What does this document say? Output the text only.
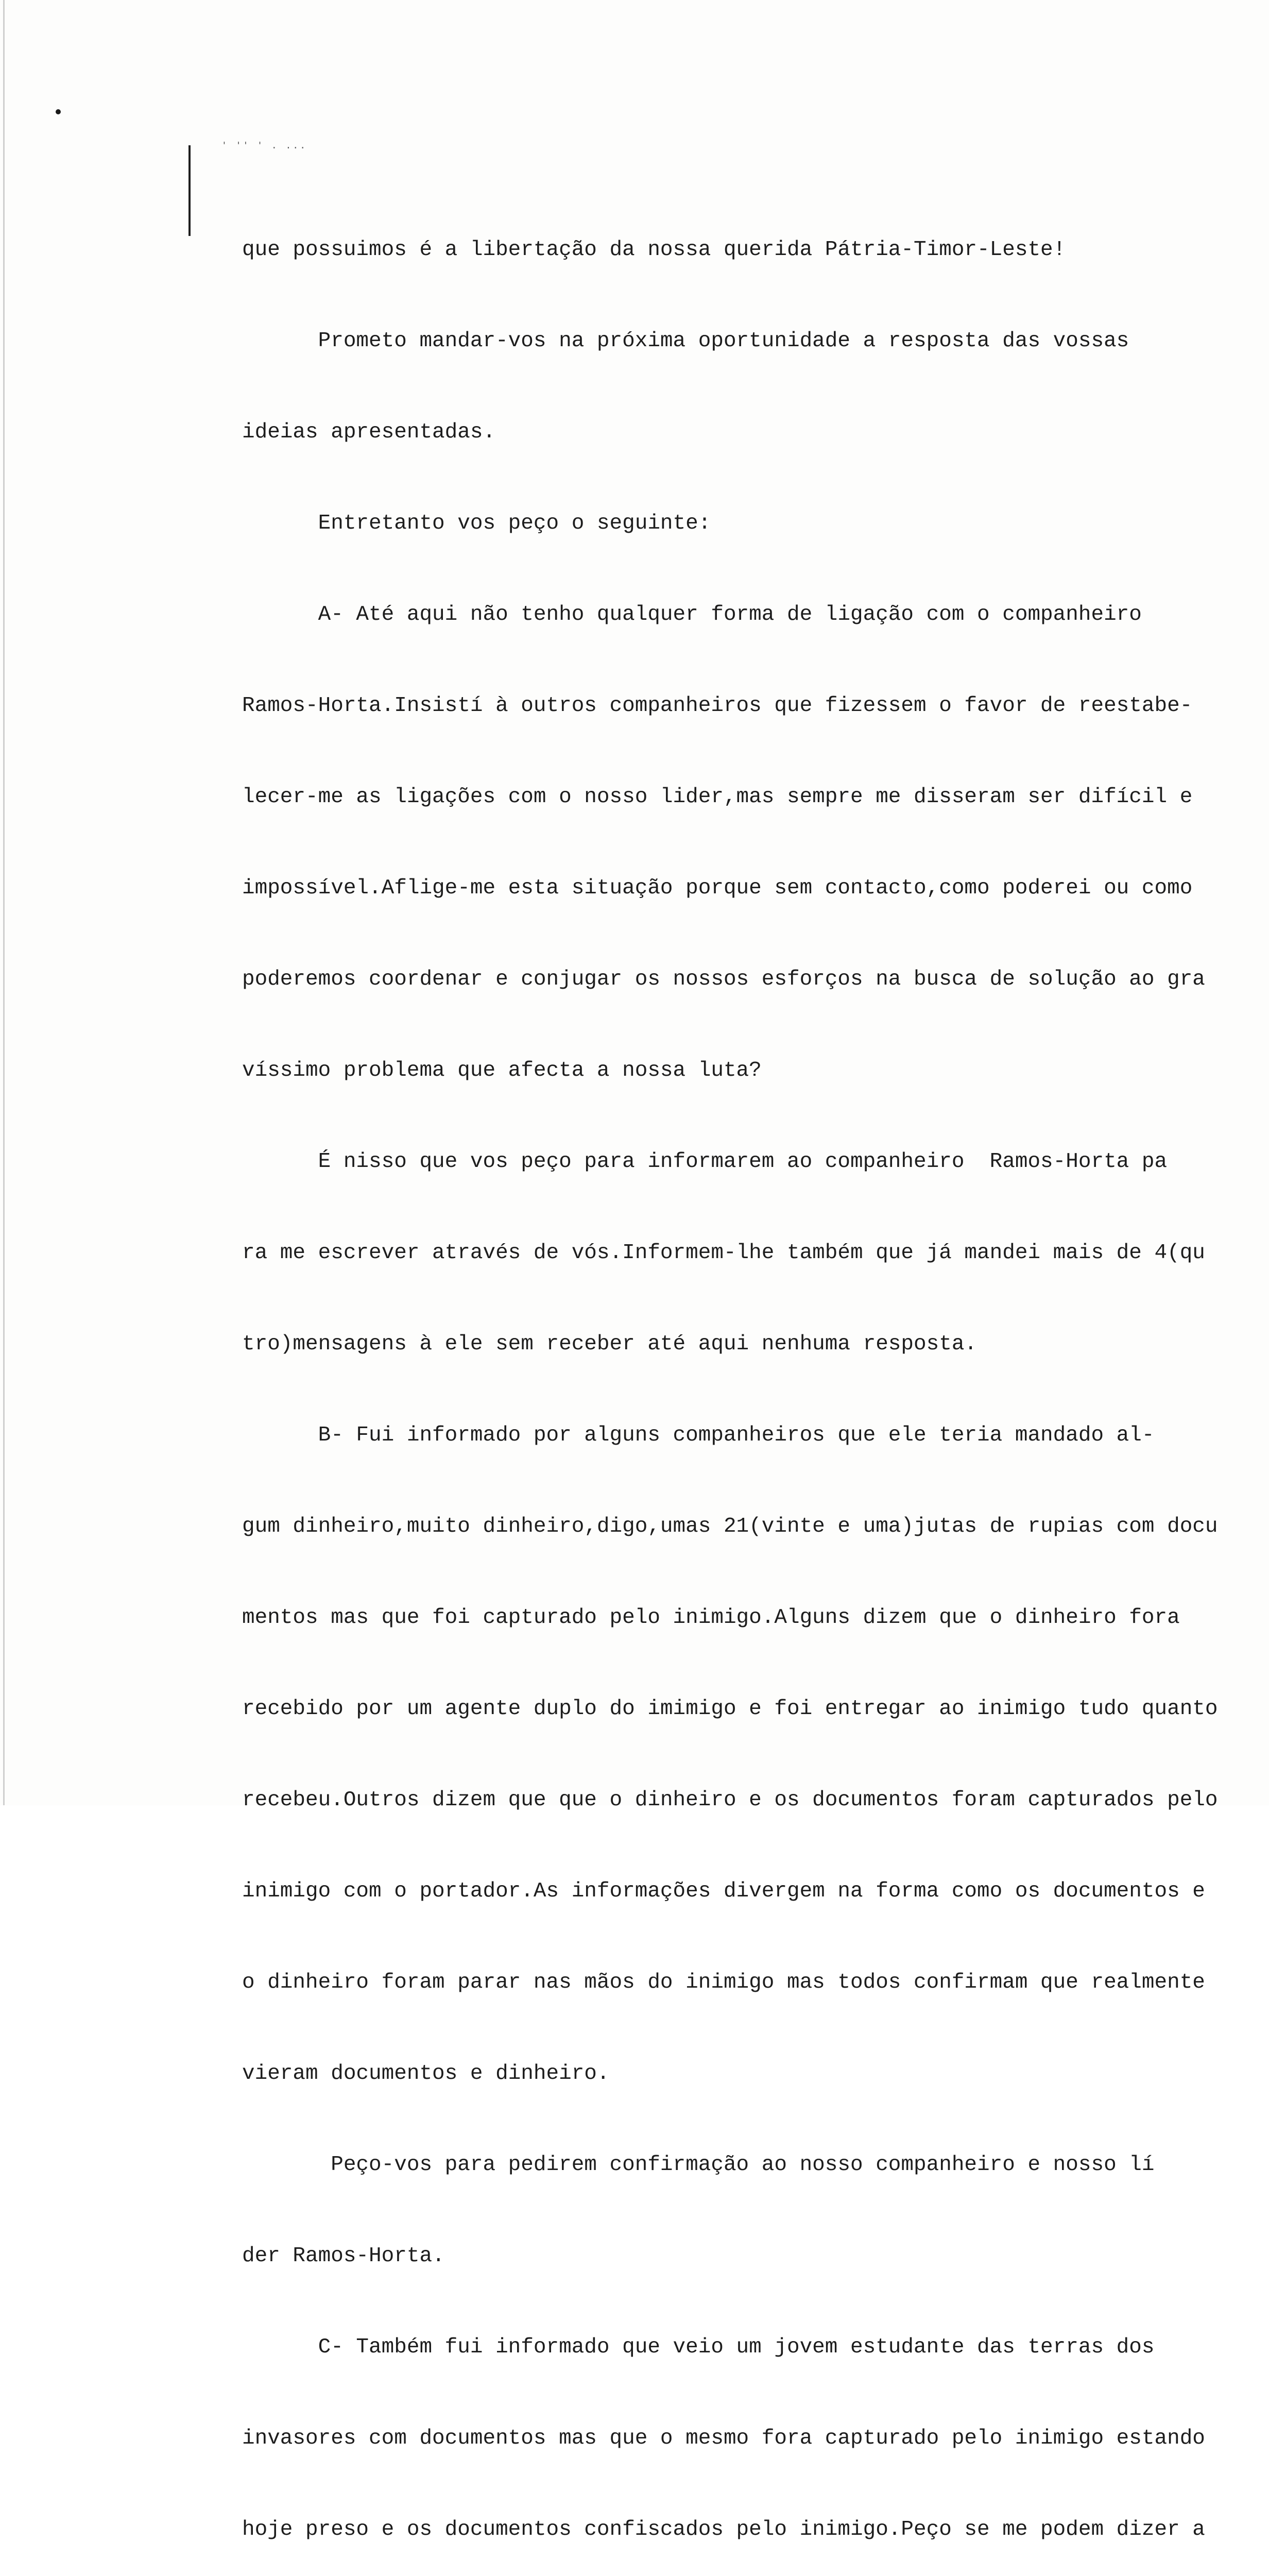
' '' ' . ...

que possuimos é a libertação da nossa querida Pátria-Timor-Leste!

Prometo mandar-vos na próxima oportunidade a resposta das vossas

ideias apresentadas.

Entretanto vos peço o seguinte:

A- Até aqui não tenho qualquer forma de ligação com o companheiro

Ramos-Horta.Insistí à outros companheiros que fizessem o favor de reestabe-

lecer-me as ligações com o nosso lider,mas sempre me disseram ser difícil e

impossível.Aflige-me esta situação porque sem contacto,como poderei ou como

poderemos coordenar e conjugar os nossos esforços na busca de solução ao gra

víssimo problema que afecta a nossa luta?

É nisso que vos peço para informarem ao companheiro  Ramos-Horta pa

ra me escrever através de vós.Informem-lhe também que já mandei mais de 4(qu

tro)mensagens à ele sem receber até aqui nenhuma resposta.

B- Fui informado por alguns companheiros que ele teria mandado al-

gum dinheiro,muito dinheiro,digo,umas 21(vinte e uma)jutas de rupias com docu

mentos mas que foi capturado pelo inimigo.Alguns dizem que o dinheiro fora

recebido por um agente duplo do imimigo e foi entregar ao inimigo tudo quanto

recebeu.Outros dizem que que o dinheiro e os documentos foram capturados pelo

inimigo com o portador.As informações divergem na forma como os documentos e

o dinheiro foram parar nas mãos do inimigo mas todos confirmam que realmente

vieram documentos e dinheiro.

Peço-vos para pedirem confirmação ao nosso companheiro e nosso lí

der Ramos-Horta.

C- Também fui informado que veio um jovem estudante das terras dos

invasores com documentos mas que o mesmo fora capturado pelo inimigo estando

hoje preso e os documentos confiscados pelo inimigo.Peço se me podem dizer a
